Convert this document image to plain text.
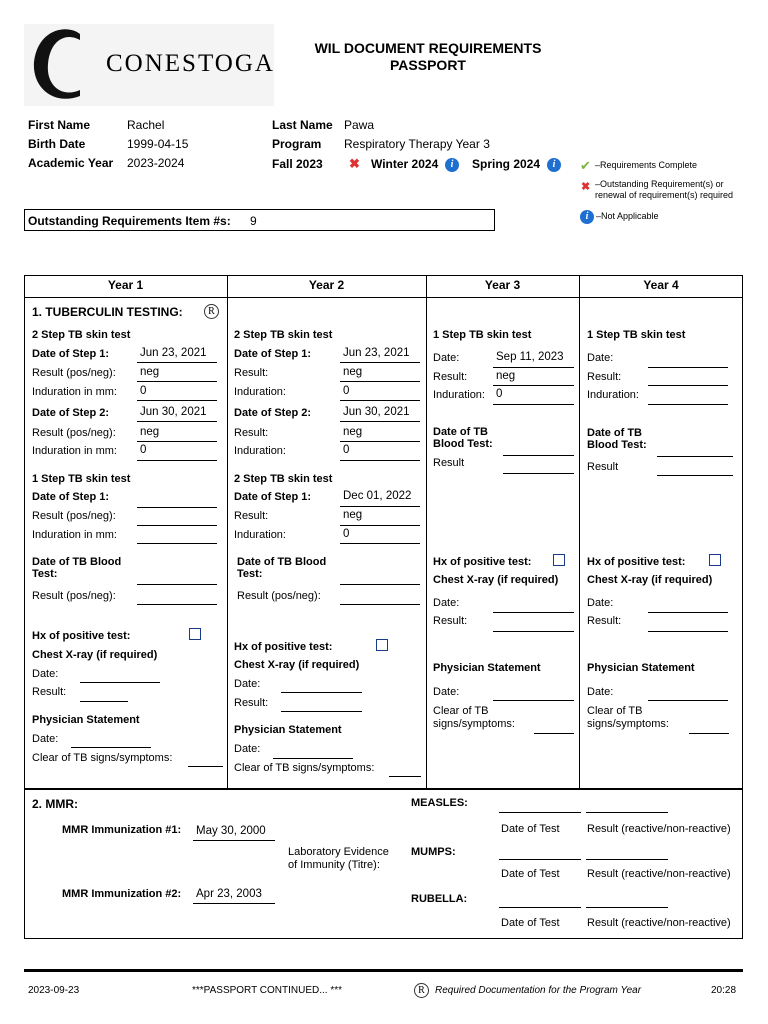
CONESTOGA
WIL DOCUMENT REQUIREMENTS
PASSPORT
First Name	Rachel
Birth Date	1999-04-15
Academic Year 2023-2024
Last Name Pawa
Program Respiratory Therapy Year 3
Fall 2023 ✖ Winter 2024	i	Spring 2024	i	✔ –Requirements Complete
✖ –Outstanding Requirement(s) or renewal of requirement(s) required
i –Not Applicable
Outstanding Requirements Item #s: 9
Year 1	Year 2	Year 3	Year 4
1. TUBERCULIN TESTING:	R
2 Step TB skin test
Date of Step 1:	Jun 23, 2021
Result (pos/neg): neg
Induration in mm: 0
Date of Step 2:	Jun 30, 2021
Result (pos/neg): neg
Induration in mm: 0
1 Step TB skin test
Date of Step 1:
Result (pos/neg):
Induration in mm:
Date of TB Blood Test:
Result (pos/neg):
Hx of positive test:
Chest X-ray (if required)
Date:
Result:
Physician Statement
Date:
Clear of TB signs/symptoms:
2 Step TB skin test
Date of Step 1:	Jun 23, 2021
Result:	neg
Induration:	0
Date of Step 2:	Jun 30, 2021
Result:	neg
Induration:	0
2 Step TB skin test
Date of Step 1:	Dec 01, 2022
Result:	neg
Induration:	0
Date of TB Blood Test:
Result (pos/neg):
Hx of positive test:
Chest X-ray (if required)
Date:
Result:
Physician Statement
Date:
Clear of TB signs/symptoms:
1 Step TB skin test
Date:	Sep 11, 2023
Result:	neg
Induration: 0
Date of TB Blood Test:
Result
Hx of positive test:
Chest X-ray (if required)
Date:
Result:
Physician Statement
Date:
Clear of TB signs/symptoms:
1 Step TB skin test
Date:
Result:
Induration:
Date of TB Blood Test:
Result
Hx of positive test:
Chest X-ray (if required)
Date:
Result:
Physician Statement
Date:
Clear of TB signs/symptoms:
2. MMR:
MMR Immunization #1: May 30, 2000
MMR Immunization #2: Apr 23, 2003
Laboratory Evidence of Immunity (Titre):
MEASLES:
Date of Test	Result (reactive/non-reactive)
MUMPS:
Date of Test	Result (reactive/non-reactive)
RUBELLA:
Date of Test	Result (reactive/non-reactive)
2023-09-23	***PASSPORT CONTINUED... ***	R	Required Documentation for the Program Year	20:28
